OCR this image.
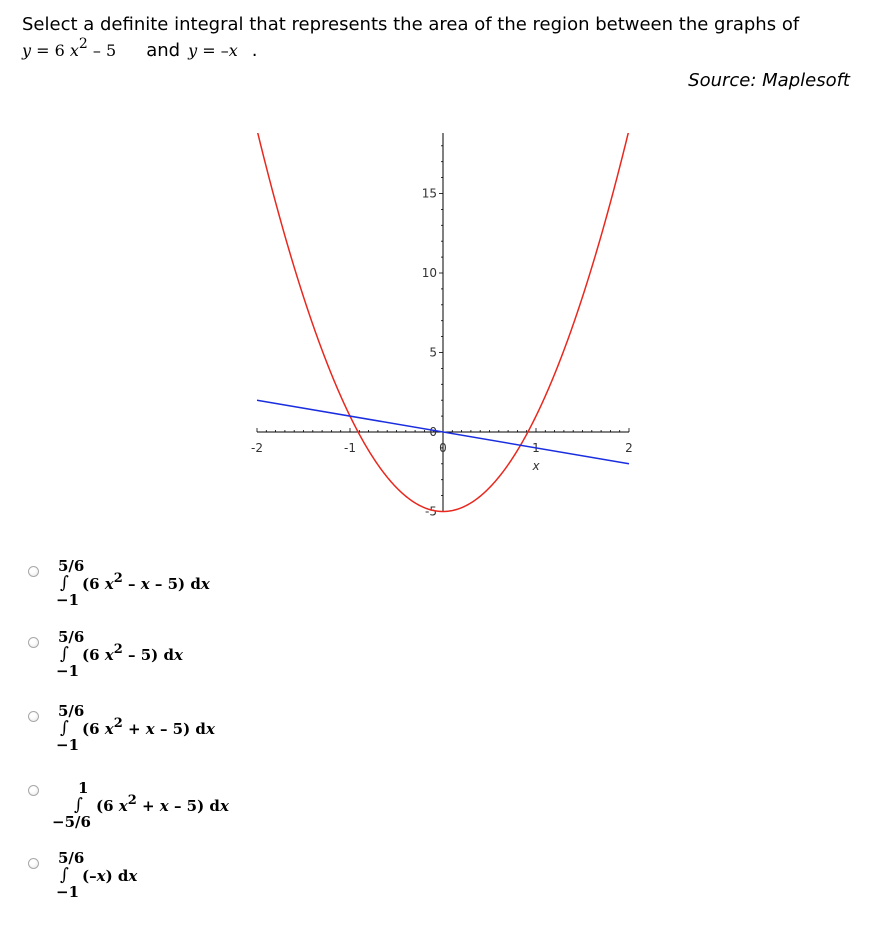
Select a definite integral that represents the area of the region between the graphs of
y = 6 x 2 – 5 and y = – x .
Source: Maplesoft
-2	-1	0	1	2
-5
0
5
10
15
x
5/6
∫
−1
(6 x2 – x – 5) dx
5/6
∫
−1
(6 x2 – 5) dx
5/6
∫
−1
(6 x2 + x – 5) dx
1
∫
−5/6
(6 x2 + x – 5) dx
5/6
∫
−1
(–x) dx
